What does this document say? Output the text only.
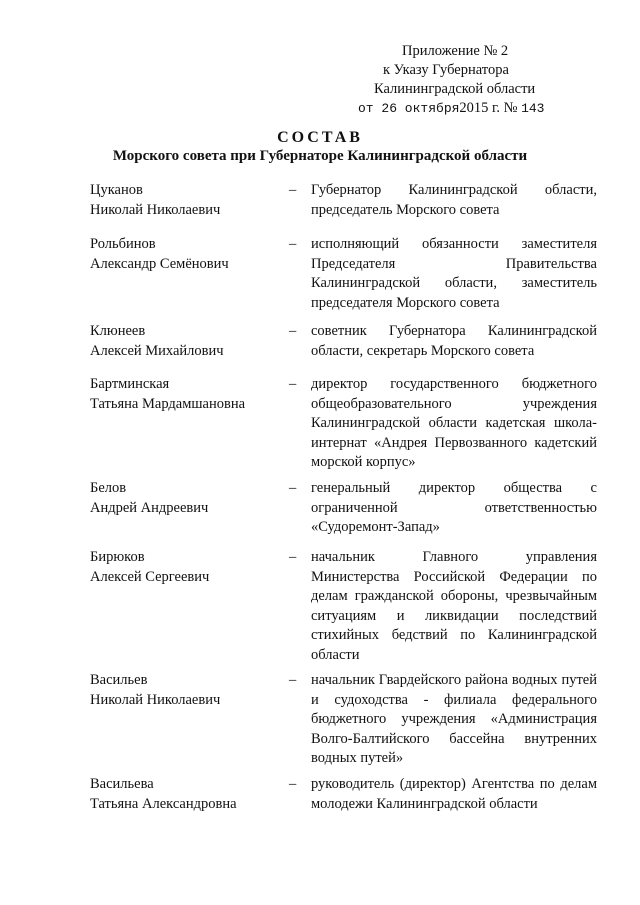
Приложение № 2
к Указу Губернатора
Калининградской области
от 26 октября2015 г. № 143
СОСТАВ
Морского совета при Губернаторе Калининградской области
Цуканов
Николай Николаевич
– Губернатор Калининградской области, председатель Морского совета
Рольбинов
Александр Семёнович
– исполняющий обязанности заместителя Председателя Правительства Калининградской области, заместитель председателя Морского совета
Клюнеев
Алексей Михайлович
– советник Губернатора Калининградской области, секретарь Морского совета
Бартминская
Татьяна Мардамшановна
– директор государственного бюджетного общеобразовательного учреждения Калининградской области кадетская школа-интернат «Андрея Первозванного кадетский морской корпус»
Белов
Андрей Андреевич
– генеральный директор общества с ограниченной ответственностью «Судоремонт-Запад»
Бирюков
Алексей Сергеевич
– начальник Главного управления Министерства Российской Федерации по делам гражданской обороны, чрезвычайным ситуациям и ликвидации последствий стихийных бедствий по Калининградской области
Васильев
Николай Николаевич
– начальник Гвардейского района водных путей и судоходства - филиала федерального бюджетного учреждения «Администрация Волго-Балтийского бассейна внутренних водных путей»
Васильева
Татьяна Александровна
– руководитель (директор) Агентства по делам молодежи Калининградской области
